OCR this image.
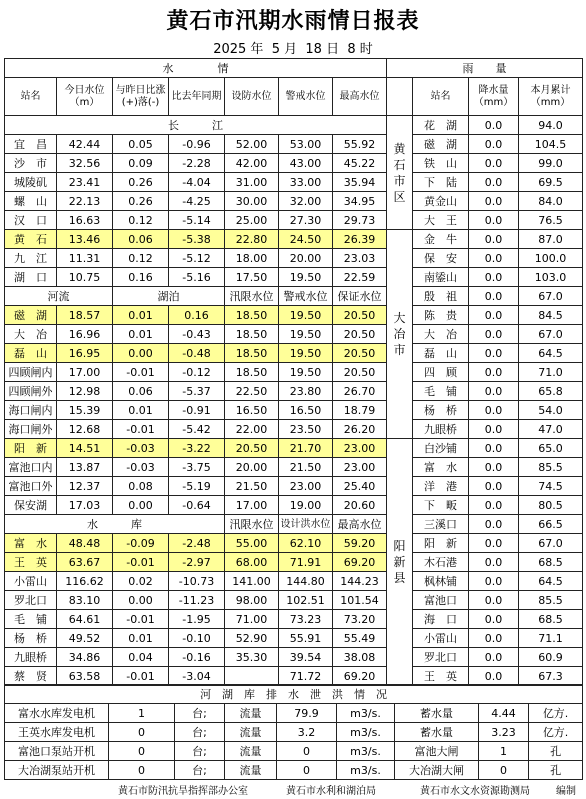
黄石市汛期水雨情日报表
2025 年 5 月 18 日 8 时
水　　　　情						
站名	今日水位（m）	与昨日比涨(+)落(-)	比去年同期	设防水位	警戒水位	最高水位
长　　　江						
宜　昌	42.44	0.05	-0.96	52.00	53.00	55.92
沙　市	32.56	0.09	-2.28	42.00	43.00	45.22
城陵矶	23.41	0.26	-4.04	31.00	33.00	35.94
螺　山	22.13	0.26	-4.25	30.00	32.00	34.95
汉　口	16.63	0.12	-5.14	25.00	27.30	29.73
黄　石	13.46	0.06	-5.38	22.80	24.50	26.39
九　江	11.31	0.12	-5.12	18.00	20.00	23.03
湖　口	10.75	0.16	-5.16	17.50	19.50	22.59
河流		湖泊		汛限水位	警戒水位	保证水位
磁　湖	18.57	0.01	0.16	18.50	19.50	20.50
大　冶	16.96	0.01	-0.43	18.50	19.50	20.50
磊　山	16.95	0.00	-0.48	18.50	19.50	20.50
四顾闸内	17.00	-0.01	-0.12	18.50	19.50	20.50
四顾闸外	12.98	0.06	-5.37	22.50	23.80	26.70
海口闸内	15.39	0.01	-0.91	16.50	16.50	18.79
海口闸外	12.68	-0.01	-5.42	22.00	23.50	26.20
阳　新	14.51	-0.03	-3.22	20.50	21.70	23.00
富池口内	13.87	-0.03	-3.75	20.00	21.50	23.00
富池口外	12.37	0.08	-5.19	21.50	23.00	25.40
保安湖	17.03	0.00	-0.64	17.00	19.00	20.60
水　　　库				汛限水位	设计洪水位	最高水位
富　水	48.48	-0.09	-2.48	55.00	62.10	59.20
王　英	63.67	-0.01	-2.97	68.00	71.91	69.20
小雷山	116.62	0.02	-10.73	141.00	144.80	144.23
罗北口	83.10	0.00	-11.23	98.00	102.51	101.54
毛　铺	64.61	-0.01	-1.95	71.00	73.23	73.20
杨　桥	49.52	0.01	-0.10	52.90	55.91	55.49
九眼桥	34.86	0.04	-0.16	35.30	39.54	38.08
蔡　贤	63.58	-0.01	-3.04		71.72	69.20
雨　　量			
	站名	降水量（mm）	本月累计（mm）

黄
石
市
区	花　湖	0.0	94.0
	磁　湖	0.0	104.5
	铁　山	0.0	99.0
	下　陆	0.0	69.5
	黄金山	0.0	84.0
	大　王	0.0	76.5

大
冶
市	金　牛	0.0	87.0
	保　安	0.0	100.0
	南鋈山	0.0	103.0
	殷　祖	0.0	67.0
	陈　贵	0.0	84.5
	大　冶	0.0	67.0
	磊　山	0.0	64.5
	四　顾	0.0	71.0
	毛　铺	0.0	65.8
	杨　桥	0.0	54.0
	九眼桥	0.0	47.0

阳
新
县	白沙铺	0.0	65.0
	富　水	0.0	85.5
	洋　港	0.0	74.5
	下　畈	0.0	80.5
	三溪口	0.0	66.5
	阳　新	0.0	67.0
	木石港	0.0	68.5
	枫林铺	0.0	64.5
	富池口	0.0	85.5
	海　口	0.0	68.5
	小雷山	0.0	71.1
	罗北口	0.0	60.9
	王　英	0.0	67.3
河　湖　库　排　水　泄　洪　情　况								
富水水库发电机	1	台;	流量	79.9	m3/s.	蓄水量	4.44	亿方.
王英水库发电机	0	台;	流量	3.2	m3/s.	蓄水量	3.23	亿方.
富池口泵站开机	0	台;	流量	0	m3/s.	富池大闸	1	孔
大冶湖泵站开机	0	台;	流量	0	m3/s.	大冶湖大闸	0	孔
黄石市防汛抗旱指挥部办公室	黄石市水利和湖泊局	黄石市水文水资源勘测局	编制
